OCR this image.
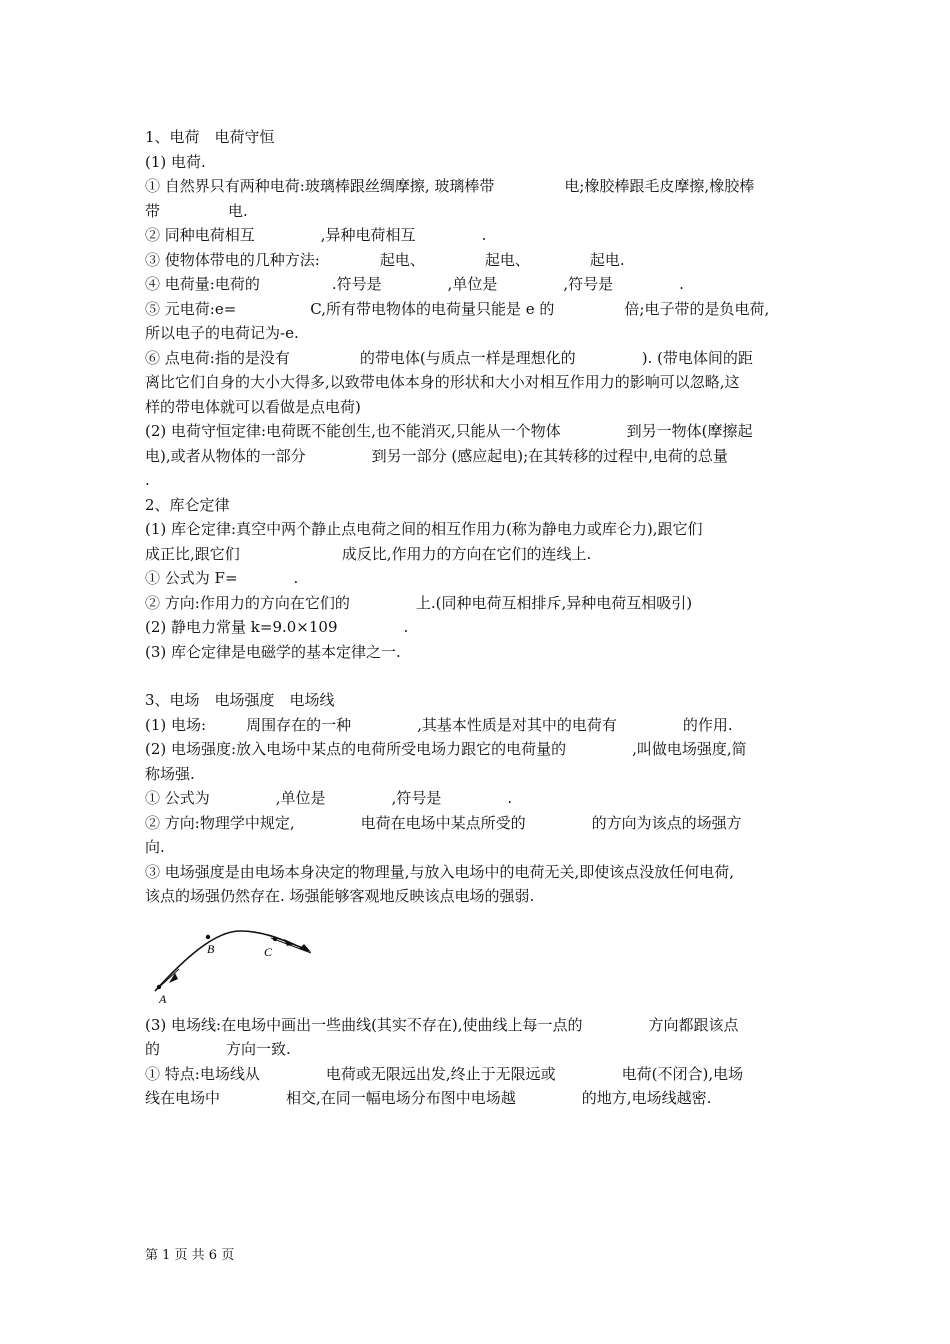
1、电荷　电荷守恒
(1) 电荷.
① 自然界只有两种电荷:玻璃棒跟丝绸摩擦, 玻璃棒带	电;橡胶棒跟毛皮摩擦,橡胶棒
带	电.
② 同种电荷相互	,异种电荷相互	.
③ 使物体带电的几种方法:	起电、	起电、	起电.
④ 电荷量:电荷的	.符号是	,单位是	,符号是	.
⑤ 元电荷:e=	C,所有带电物体的电荷量只能是 e 的	倍;电子带的是负电荷,
所以电子的电荷记为-e.
⑥ 点电荷:指的是没有	的带电体(与质点一样是理想化的	). (带电体间的距
离比它们自身的大小大得多,以致带电体本身的形状和大小对相互作用力的影响可以忽略,这
样的带电体就可以看做是点电荷)
(2) 电荷守恒定律:电荷既不能创生,也不能消灭,只能从一个物体	到另一物体(摩擦起
电),或者从物体的一部分	到另一部分 (感应起电);在其转移的过程中,电荷的总量
.
2、库仑定律
(1) 库仑定律:真空中两个静止点电荷之间的相互作用力(称为静电力或库仑力),跟它们
成正比,跟它们	成反比,作用力的方向在它们的连线上.
① 公式为 F=	.
② 方向:作用力的方向在它们的	上.(同种电荷互相排斥,异种电荷互相吸引)
(2) 静电力常量 k=9.0×109	.
(3) 库仑定律是电磁学的基本定律之一.
3、电场　电场强度　电场线
(1) 电场:	周围存在的一种	,其基本性质是对其中的电荷有	的作用.
(2) 电场强度:放入电场中某点的电荷所受电场力跟它的电荷量的	,叫做电场强度,简
称场强.
① 公式为	,单位是	,符号是	.
② 方向:物理学中规定,	电荷在电场中某点所受的	的方向为该点的场强方
向.
③ 电场强度是由电场本身决定的物理量,与放入电场中的电荷无关,即使该点没放任何电荷,
该点的场强仍然存在. 场强能够客观地反映该点电场的强弱.
A
B	C
(3) 电场线:在电场中画出一些曲线(其实不存在),使曲线上每一点的	方向都跟该点
的	方向一致.
① 特点:电场线从	电荷或无限远出发,终止于无限远或	电荷(不闭合),电场
线在电场中	相交,在同一幅电场分布图中电场越	的地方,电场线越密.
第 1 页 共 6 页
